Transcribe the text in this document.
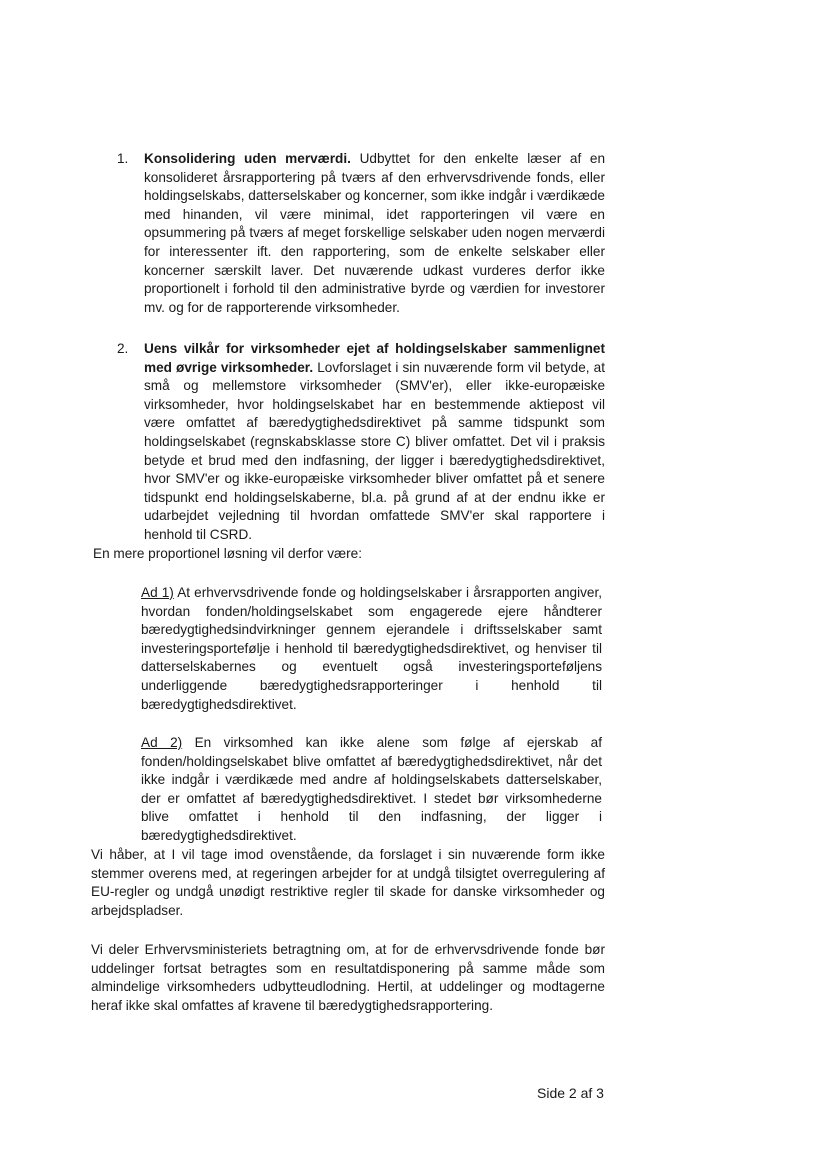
1.	Konsolidering uden merværdi. Udbyttet for den enkelte læser af en konsolideret årsrapportering på tværs af den erhvervsdrivende fonds, eller holdingselskabs, datterselskaber og koncerner, som ikke indgår i værdikæde med hinanden, vil være minimal, idet rapporteringen vil være en opsummering på tværs af meget forskellige selskaber uden nogen merværdi for interessenter ift. den rapportering, som de enkelte selskaber eller koncerner særskilt laver. Det nuværende udkast vurderes derfor ikke proportionelt i forhold til den administrative byrde og værdien for investorer mv. og for de rapporterende virksomheder.

2.	Uens vilkår for virksomheder ejet af holdingselskaber sammenlignet med øvrige virksomheder. Lovforslaget i sin nuværende form vil betyde, at små og mellemstore virksomheder (SMV'er), eller ikke-europæiske virksomheder, hvor holdingselskabet har en bestemmende aktiepost vil være omfattet af bæredygtighedsdirektivet på samme tidspunkt som holdingselskabet (regnskabsklasse store C) bliver omfattet. Det vil i praksis betyde et brud med den indfasning, der ligger i bæredygtighedsdirektivet, hvor SMV'er og ikke-europæiske virksomheder bliver omfattet på et senere tidspunkt end holdingselskaberne, bl.a. på grund af at der endnu ikke er udarbejdet vejledning til hvordan omfattede SMV'er skal rapportere i henhold til CSRD.

En mere proportionel løsning vil derfor være:

Ad 1) At erhvervsdrivende fonde og holdingselskaber i årsrapporten angiver, hvordan fonden/holdingselskabet som engagerede ejere håndterer bæredygtighedsindvirkninger gennem ejerandele i driftsselskaber samt investeringsportefølje i henhold til bæredygtighedsdirektivet, og henviser til datterselskabernes og eventuelt også investeringsporteføljens underliggende bæredygtighedsrapporteringer i henhold til bæredygtighedsdirektivet.

Ad 2) En virksomhed kan ikke alene som følge af ejerskab af fonden/holdingselskabet blive omfattet af bæredygtighedsdirektivet, når det ikke indgår i værdikæde med andre af holdingselskabets datterselskaber, der er omfattet af bæredygtighedsdirektivet. I stedet bør virksomhederne blive omfattet i henhold til den indfasning, der ligger i bæredygtighedsdirektivet.

Vi håber, at I vil tage imod ovenstående, da forslaget i sin nuværende form ikke stemmer overens med, at regeringen arbejder for at undgå tilsigtet overregulering af EU-regler og undgå unødigt restriktive regler til skade for danske virksomheder og arbejdspladser.

Vi deler Erhvervsministeriets betragtning om, at for de erhvervsdrivende fonde bør uddelinger fortsat betragtes som en resultatdisponering på samme måde som almindelige virksomheders udbytteudlodning. Hertil, at uddelinger og modtagerne heraf ikke skal omfattes af kravene til bæredygtighedsrapportering.

Side 2 af 3
